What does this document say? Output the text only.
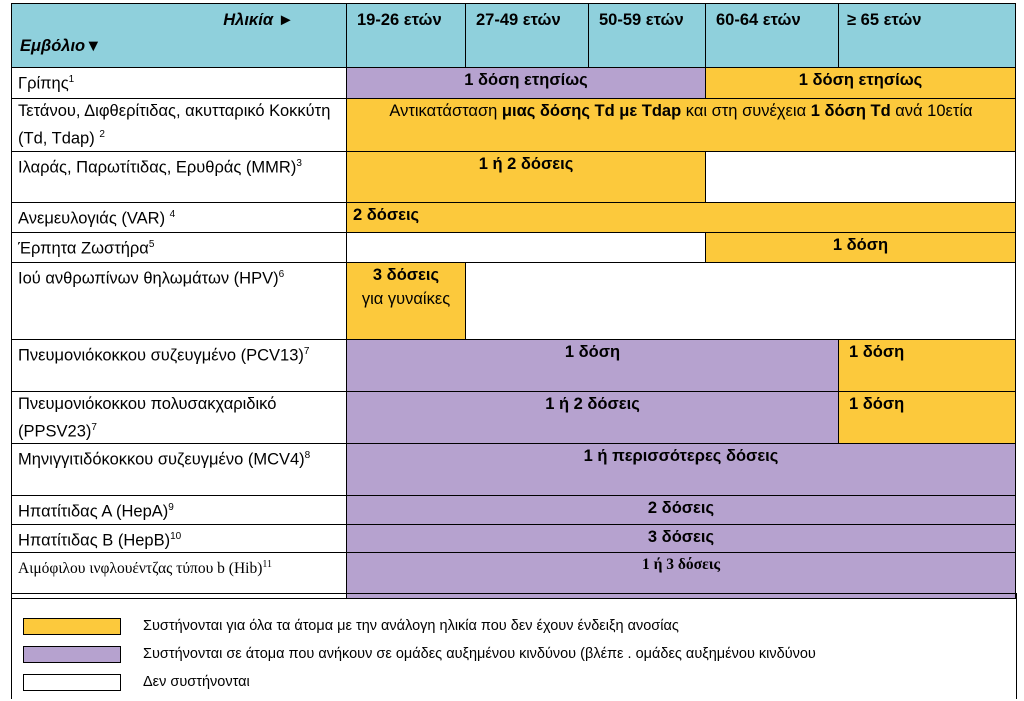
Ηλικία ►
Εμβόλιο▼	19-26 ετών	27-49 ετών	50-59 ετών	60-64 ετών	≥ 65 ετών
Γρίπης$^1$	1 δόση ετησίως			1 δόση ετησίως	
Τετάνου, Διφθερίτιδας, ακυτταρικό Κοκκύτη (Td, Tdap) $^2$	Αντικατάσταση μιας δόσης Td με Tdap και στη συνέχεια 1 δόση Td ανά 10ετία				
Ιλαράς, Παρωτίτιδας, Ερυθράς (MMR)$^3$	1 ή 2 δόσεις				
Ανεμευλογιάς (VAR) $^4$	2 δόσεις				
Έρπητα Ζωστήρα$^5$				1 δόση	
Ιού ανθρωπίνων θηλωμάτων (HPV)$^6$	3 δόσεις
για γυναίκες				
Πνευμονιόκοκκου συζευγμένο $(PCV13)^7$	1 δόση				1 δόση
Πνευμονιόκοκκου πολυσακχαριδικό (PPSV23)$^7$	1 ή 2 δόσεις				1 δόση
Μηνιγγιτιδόκοκκου συζευγμένο $(MCV4)^8$	1 ή περισσότερες δόσεις				
Ηπατίτιδας Α (HepA)$^9$	2 δόσεις				
Ηπατίτιδας Β (HepB)$^{10}$	3 δόσεις				
Αιμόφιλου ινφλουέντζας τύπου b (Hib)$^{11}$	1 ή 3 δόσεις				
Συστήνονται για όλα τα άτομα με την ανάλογη ηλικία που δεν έχουν ένδειξη ανοσίας
Συστήνονται σε άτομα που ανήκουν σε ομάδες αυξημένου κινδύνου (βλέπε . ομάδες αυξημένου κινδύνου
Δεν συστήνονται
